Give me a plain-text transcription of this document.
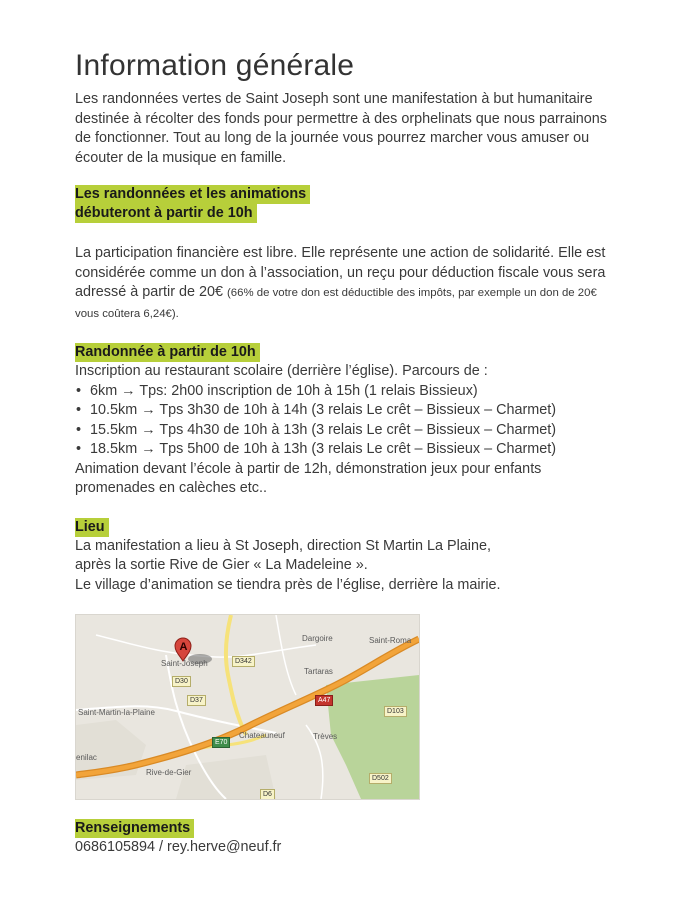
Information générale

Les randonnées vertes de Saint Joseph sont une manifestation à but humanitaire destinée à récolter des fonds pour permettre à des orphelinats que nous parrainons de fonctionner. Tout au long de la journée vous pourrez marcher vous amuser ou écouter de la musique en famille.

Les randonnées et les animations
débuteront à partir de 10h

La participation financière est libre. Elle représente une action de solidarité. Elle est considérée comme un don à l’association, un reçu pour déduction fiscale vous sera adressé à partir de 20€ (66% de votre don est déductible des impôts, par exemple un don de 20€ vous coûtera 6,24€).

Randonnée à partir de 10h

Inscription au restaurant scolaire (derrière l’église). Parcours de :

• 6km → Tps: 2h00 inscription de 10h à 15h (1 relais Bissieux)
• 10.5km → Tps 3h30 de 10h à 14h (3 relais Le crêt – Bissieux – Charmet)
• 15.5km → Tps 4h30 de 10h à 13h (3 relais Le crêt – Bissieux – Charmet)
• 18.5km → Tps 5h00 de 10h à 13h (3 relais Le crêt – Bissieux – Charmet)

Animation devant l’école à partir de 12h, démonstration jeux pour enfants promenades en calèches etc..

Lieu

La manifestation a lieu à St Joseph, direction St Martin La Plaine,

après la sortie Rive de Gier « La Madeleine ».

Le village d’animation se tiendra près de l’église, derrière la mairie.

A
Saint-Joseph
Dargoire	Saint-Roma
Tartaras
Saint-Martin-la-Plaine
Chateauneuf	Trèves
enilac
Rive-de-Gier
D342
D30
D37	A47
D103
E70
D502
D6
Renseignements

0686105894 / rey.herve@neuf.fr
